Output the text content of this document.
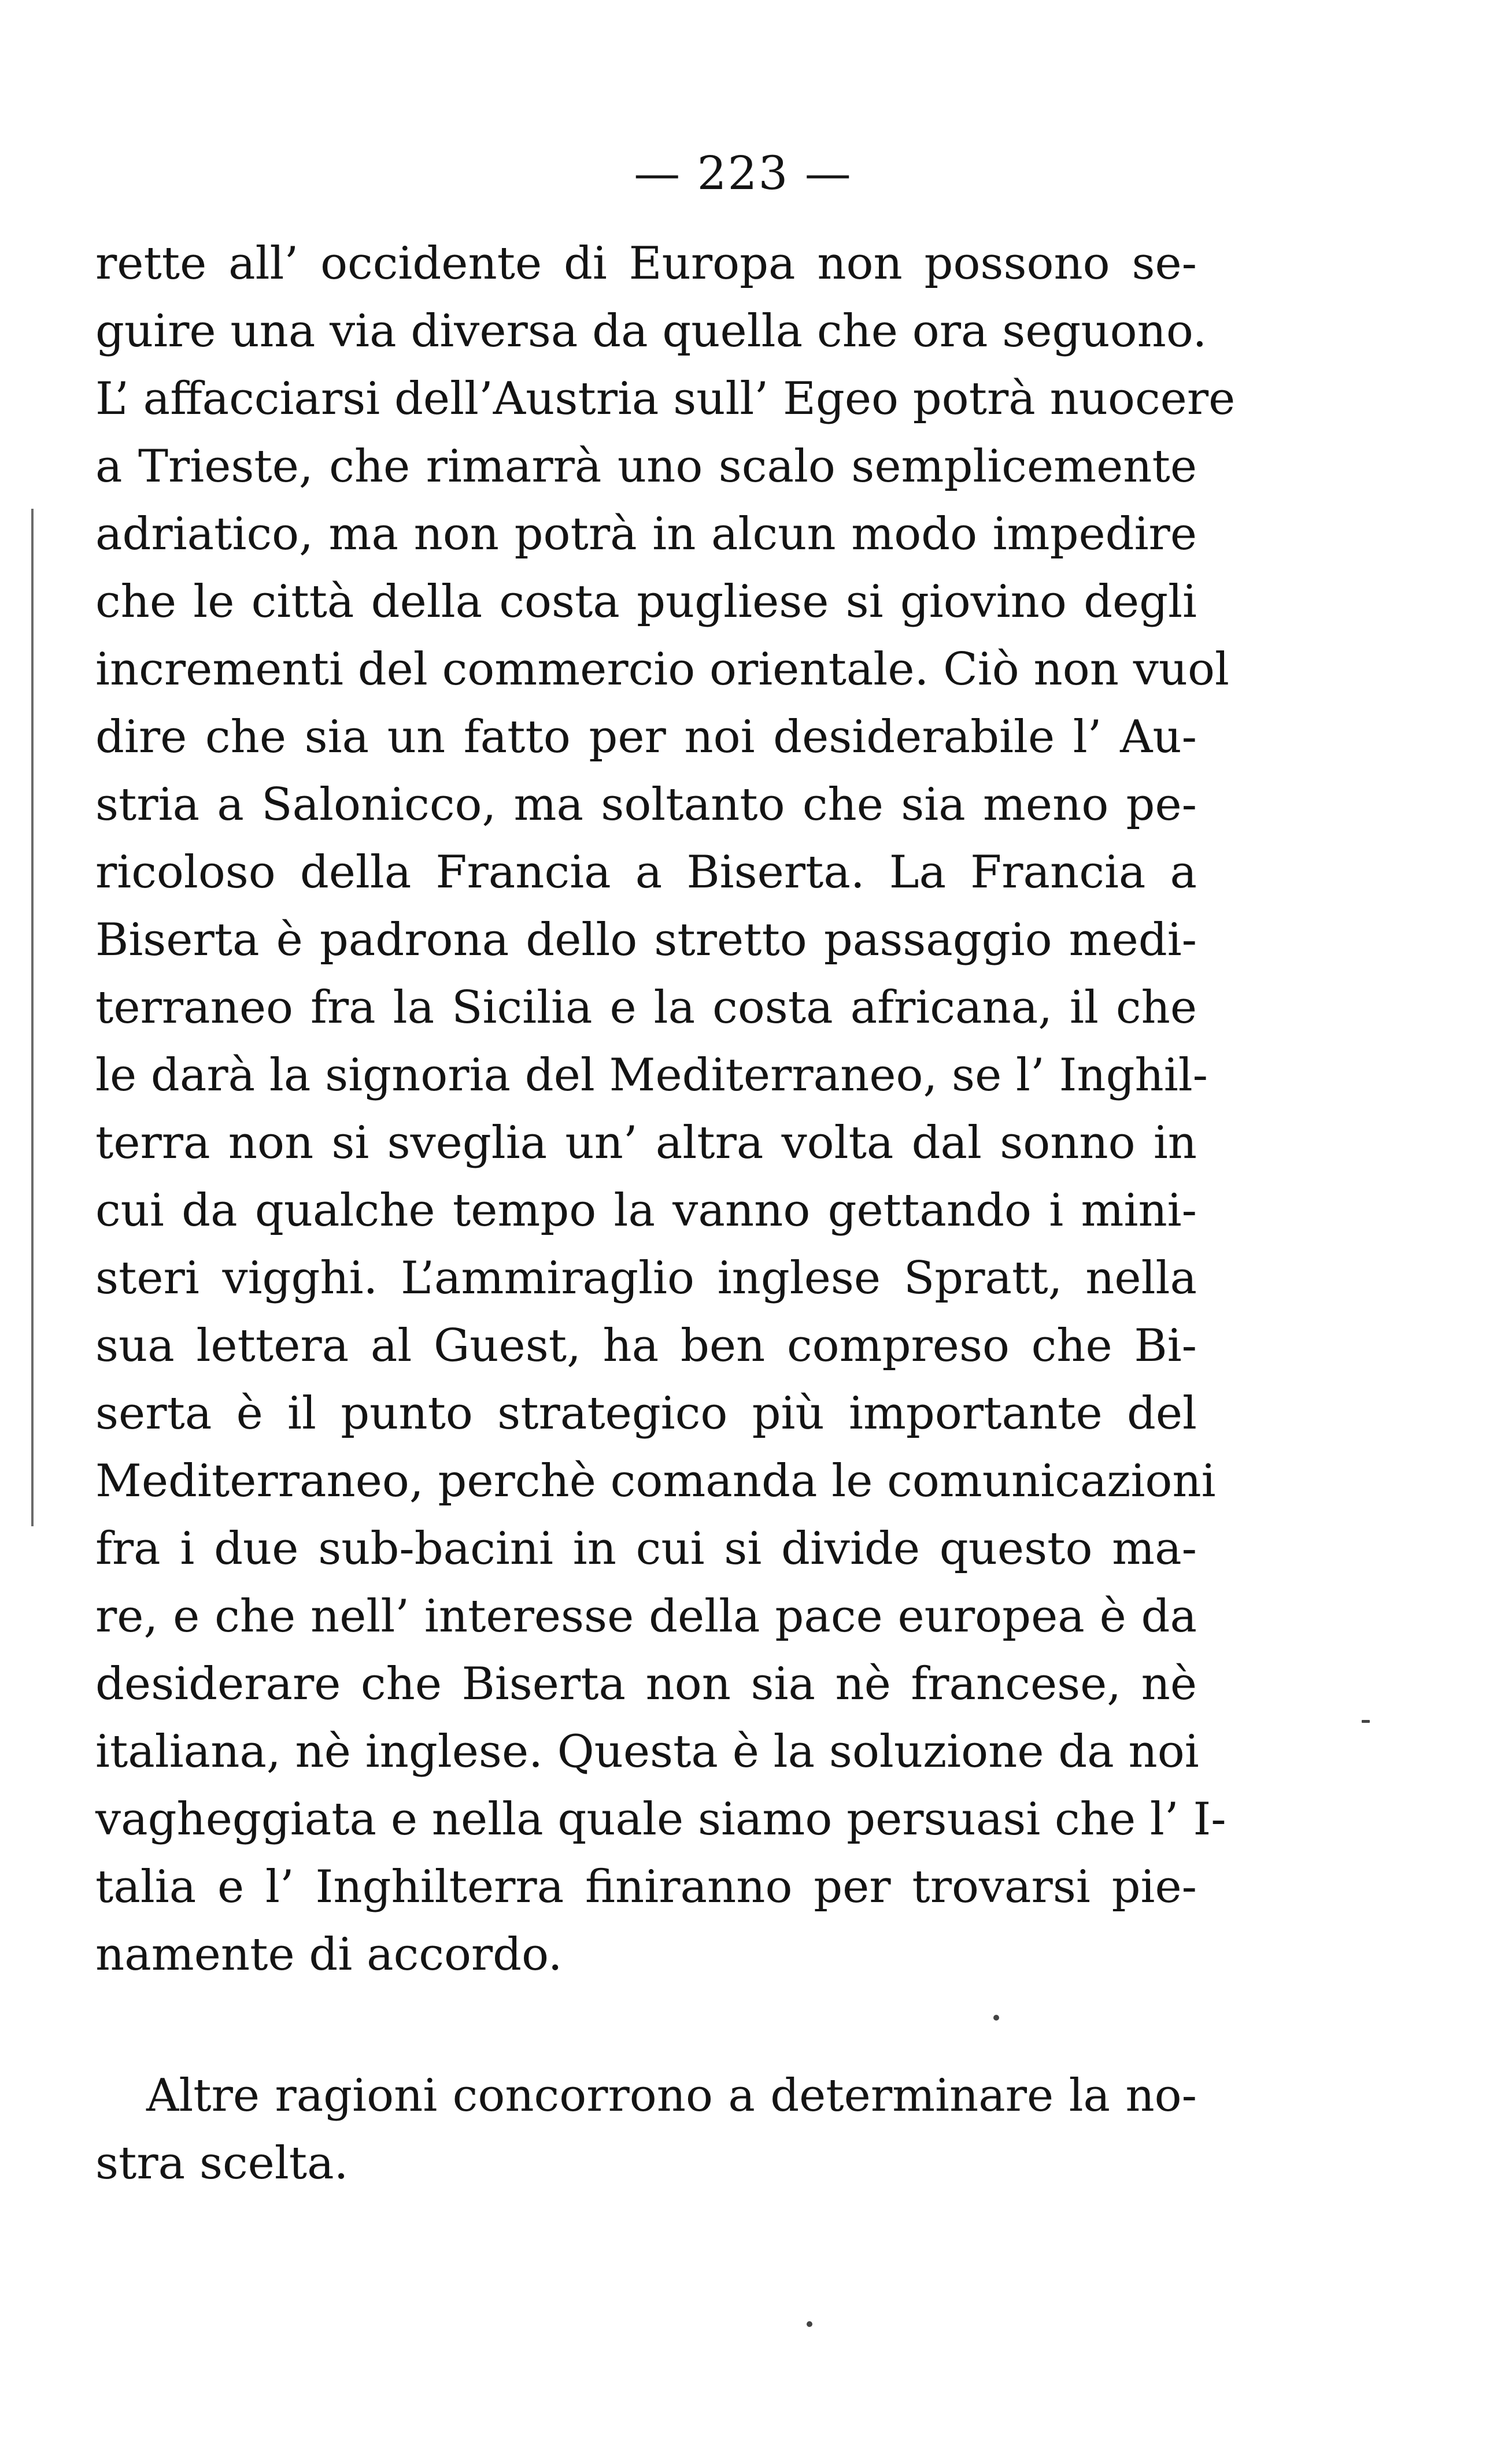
— 223 —
rette all’ occidente di Europa non possono se-
guire una via diversa da quella che ora seguono.
L’ affacciarsi dell’Austria sull’ Egeo potrà nuocere
a Trieste, che rimarrà uno scalo semplicemente
adriatico, ma non potrà in alcun modo impedire
che le città della costa pugliese si giovino degli
incrementi del commercio orientale. Ciò non vuol
dire che sia un fatto per noi desiderabile l’ Au-
stria a Salonicco, ma soltanto che sia meno pe-
ricoloso della Francia a Biserta. La Francia a
Biserta è padrona dello stretto passaggio medi-
terraneo fra la Sicilia e la costa africana, il che
le darà la signoria del Mediterraneo, se l’ Inghil-
terra non si sveglia un’ altra volta dal sonno in
cui da qualche tempo la vanno gettando i mini-
steri vigghi. L’ammiraglio inglese Spratt, nella
sua lettera al Guest, ha ben compreso che Bi-
serta è il punto strategico più importante del
Mediterraneo, perchè comanda le comunicazioni
fra i due sub-bacini in cui si divide questo ma-
re, e che nell’ interesse della pace europea è da
desiderare che Biserta non sia nè francese, nè
italiana, nè inglese. Questa è la soluzione da noi
vagheggiata e nella quale siamo persuasi che l’ I-
talia e l’ Inghilterra finiranno per trovarsi pie-
namente di accordo.
Altre ragioni concorrono a determinare la no-
stra scelta.
